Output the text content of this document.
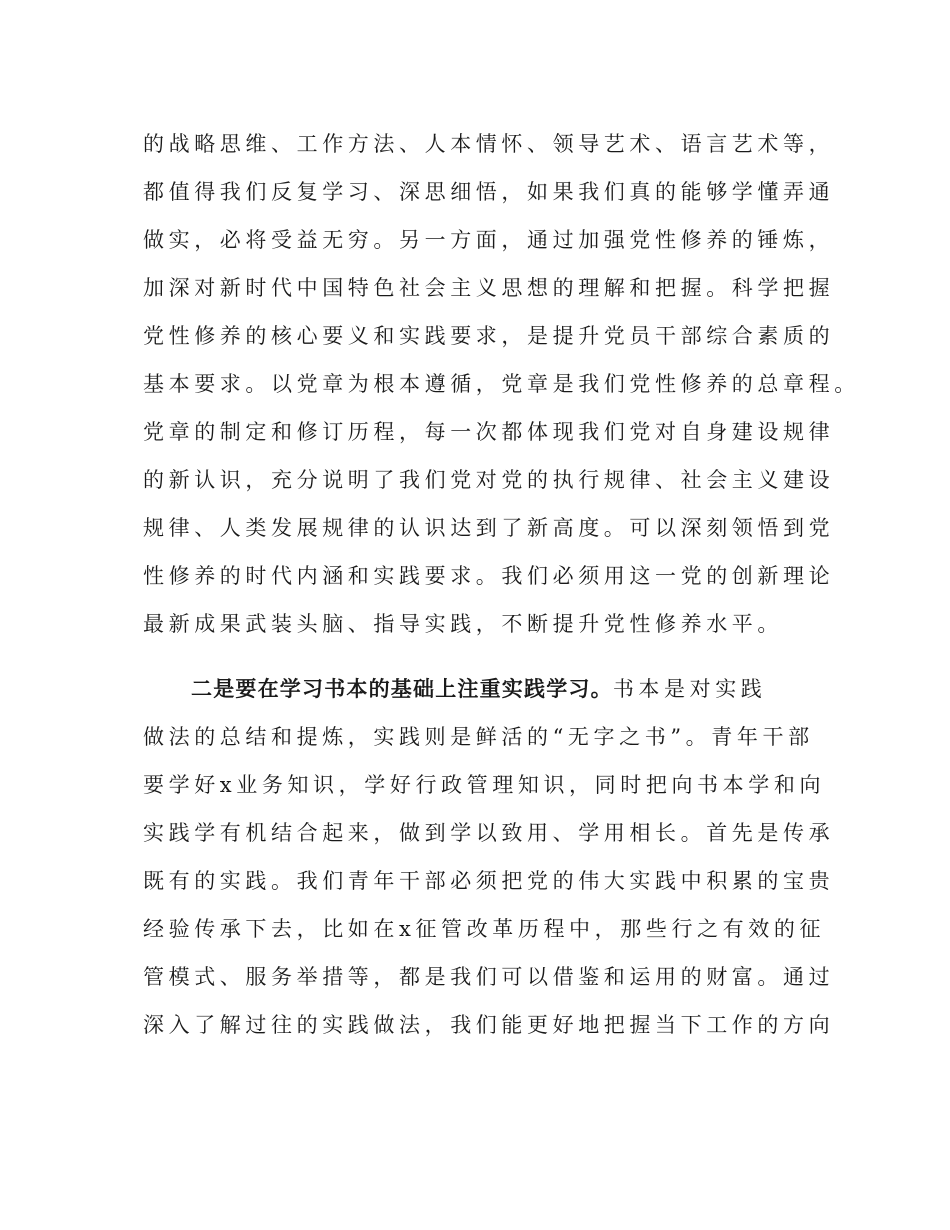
的战略思维、工作方法、人本情怀、领导艺术、语言艺术等，
都值得我们反复学习、深思细悟，如果我们真的能够学懂弄通
做实，必将受益无穷。另一方面，通过加强党性修养的锤炼，
加深对新时代中国特色社会主义思想的理解和把握。科学把握
党性修养的核心要义和实践要求，是提升党员干部综合素质的
基本要求。以党章为根本遵循，党章是我们党性修养的总章程。
党章的制定和修订历程，每一次都体现我们党对自身建设规律
的新认识，充分说明了我们党对党的执行规律、社会主义建设
规律、人类发展规律的认识达到了新高度。可以深刻领悟到党
性修养的时代内涵和实践要求。我们必须用这一党的创新理论
最新成果武装头脑、指导实践，不断提升党性修养水平。
二是要在学习书本的基础上注重实践学习。书本是对实践
做法的总结和提炼，实践则是鲜活的“无字之书”。青年干部
要学好x业务知识，学好行政管理知识，同时把向书本学和向
实践学有机结合起来，做到学以致用、学用相长。首先是传承
既有的实践。我们青年干部必须把党的伟大实践中积累的宝贵
经验传承下去，比如在x征管改革历程中，那些行之有效的征
管模式、服务举措等，都是我们可以借鉴和运用的财富。通过
深入了解过往的实践做法，我们能更好地把握当下工作的方向
